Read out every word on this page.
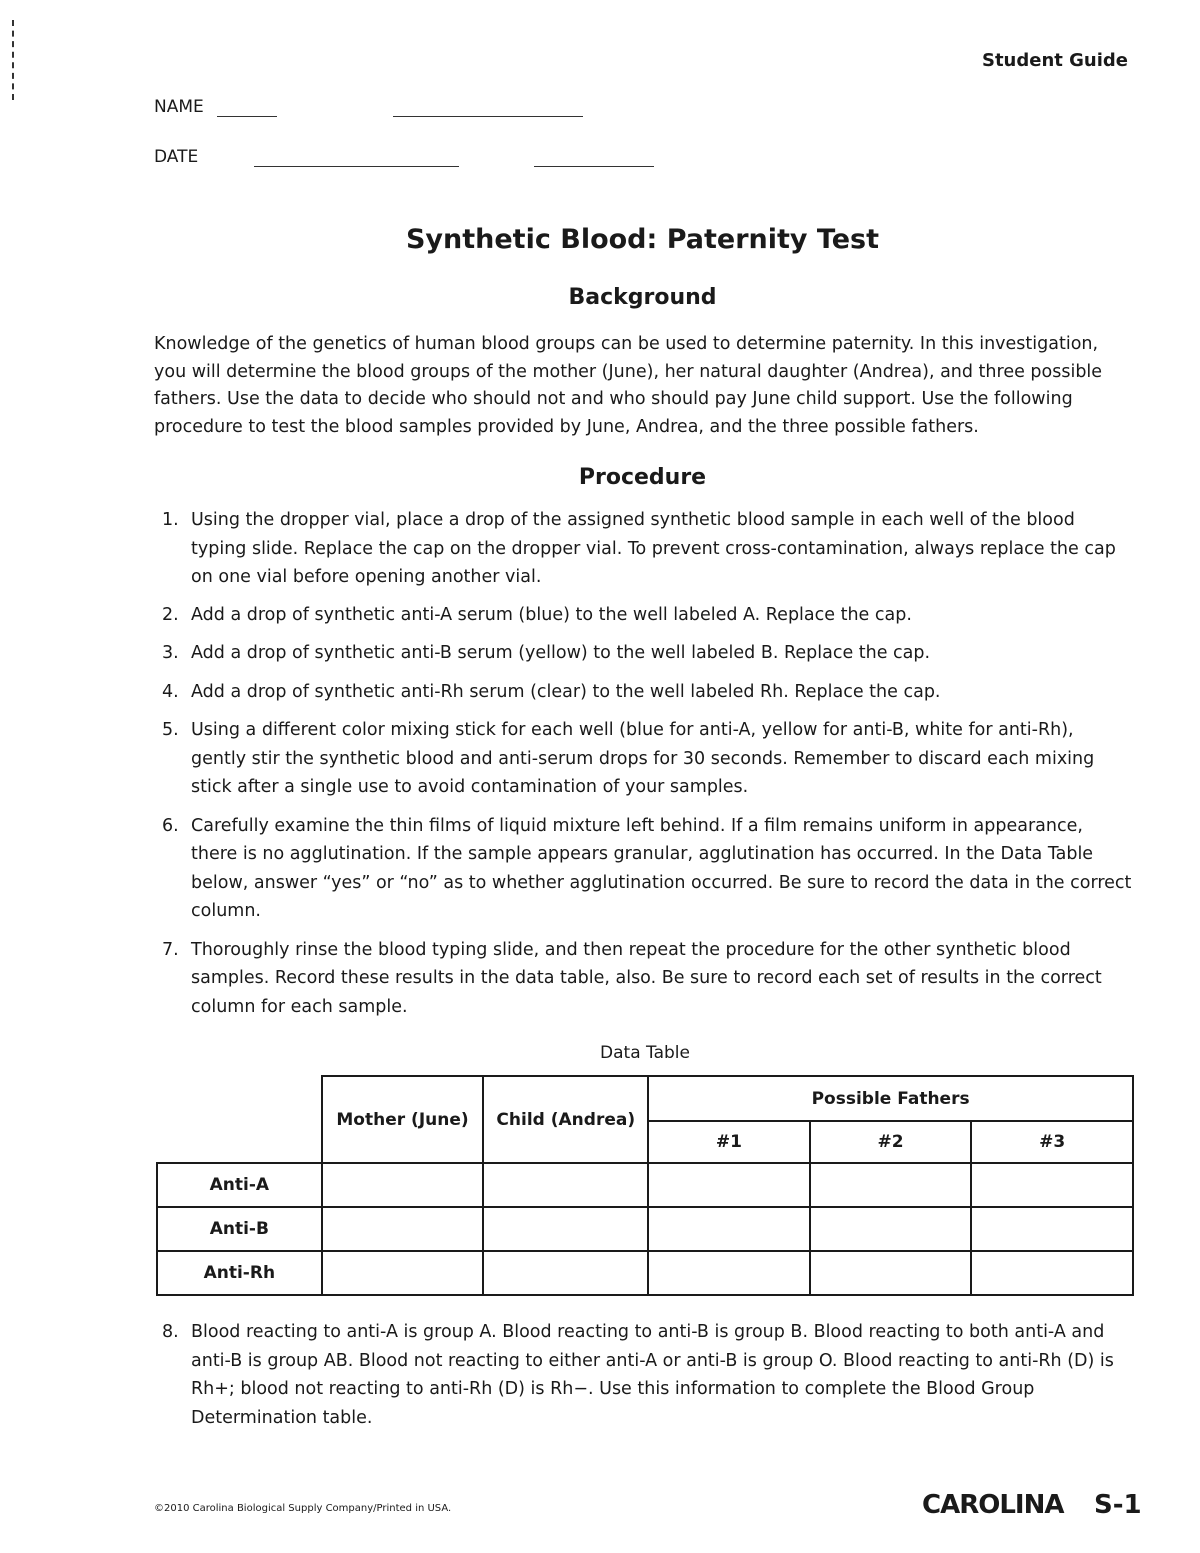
Student Guide
NAME
DATE
Synthetic Blood: Paternity Test
Background
Knowledge of the genetics of human blood groups can be used to determine paternity. In this investigation, you will determine the blood groups of the mother (June), her natural daughter (Andrea), and three possible fathers. Use the data to decide who should not and who should pay June child support. Use the following procedure to test the blood samples provided by June, Andrea, and the three possible fathers.
Procedure
1. Using the dropper vial, place a drop of the assigned synthetic blood sample in each well of the blood typing slide. Replace the cap on the dropper vial. To prevent cross-contamination, always replace the cap on one vial before opening another vial.
2. Add a drop of synthetic anti-A serum (blue) to the well labeled A. Replace the cap.
3. Add a drop of synthetic anti-B serum (yellow) to the well labeled B. Replace the cap.
4. Add a drop of synthetic anti-Rh serum (clear) to the well labeled Rh. Replace the cap.
5. Using a different color mixing stick for each well (blue for anti-A, yellow for anti-B, white for anti-Rh), gently stir the synthetic blood and anti-serum drops for 30 seconds. Remember to discard each mixing stick after a single use to avoid contamination of your samples.
6. Carefully examine the thin films of liquid mixture left behind. If a film remains uniform in appearance, there is no agglutination. If the sample appears granular, agglutination has occurred. In the Data Table below, answer “yes” or “no” as to whether agglutination occurred. Be sure to record the data in the correct column.
7. Thoroughly rinse the blood typing slide, and then repeat the procedure for the other synthetic blood samples. Record these results in the data table, also. Be sure to record each set of results in the correct column for each sample.
Data Table
	Mother (June)	Child (Andrea)	Possible Fathers		
			#1	#2	#3
Anti-A					
Anti-B					
Anti-Rh					
8. Blood reacting to anti-A is group A. Blood reacting to anti-B is group B. Blood reacting to both anti-A and anti-B is group AB. Blood not reacting to either anti-A or anti-B is group O. Blood reacting to anti-Rh (D) is Rh+; blood not reacting to anti-Rh (D) is Rh−. Use this information to complete the Blood Group Determination table.
©2010 Carolina Biological Supply Company/Printed in USA.	CAROLINA S-1
